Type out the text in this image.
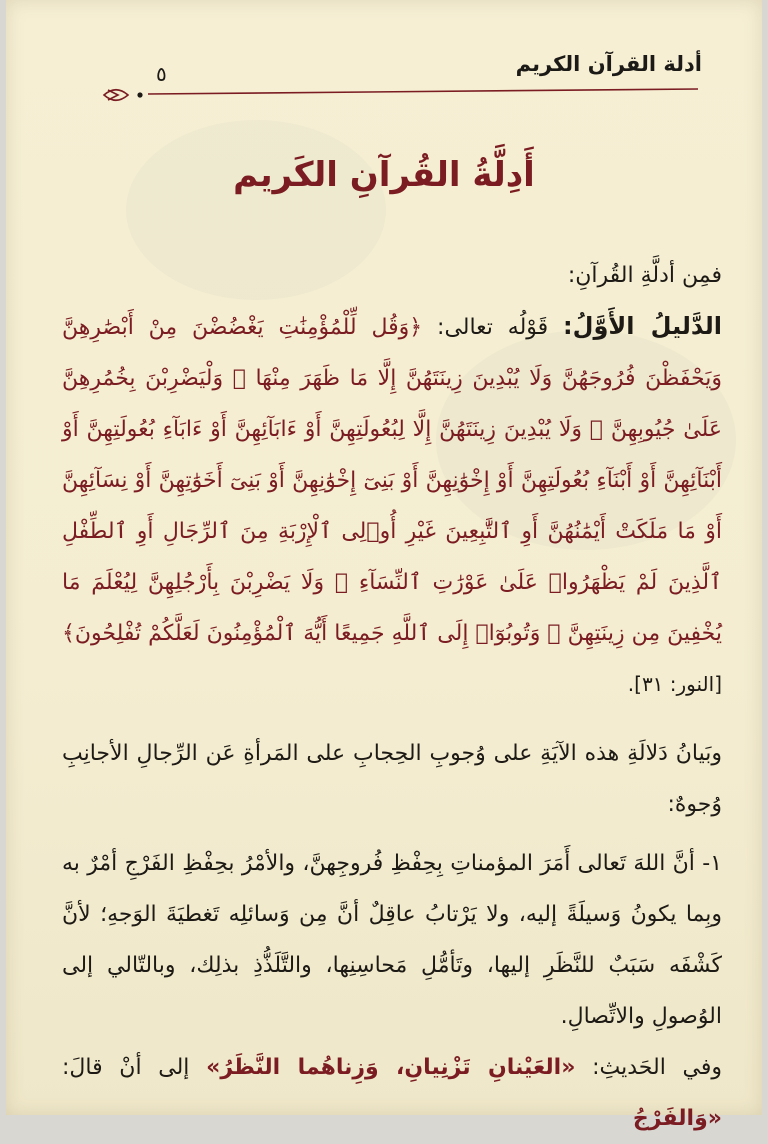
أدلة القرآن الكريم
٥
أَدِلَّةُ القُرآنِ الكَريم

فمِن أدلَّةِ القُرآنِ:

الدَّليلُ الأَوَّلُ: قَوْلُه تعالى: ﴿وَقُل لِّلْمُؤْمِنَٰتِ يَغْضُضْنَ مِنْ أَبْصَٰرِهِنَّ وَيَحْفَظْنَ فُرُوجَهُنَّ وَلَا يُبْدِينَ زِينَتَهُنَّ إِلَّا مَا ظَهَرَ مِنْهَا ۖ وَلْيَضْرِبْنَ بِخُمُرِهِنَّ عَلَىٰ جُيُوبِهِنَّ ۖ وَلَا يُبْدِينَ زِينَتَهُنَّ إِلَّا لِبُعُولَتِهِنَّ أَوْ ءَابَآئِهِنَّ أَوْ ءَابَآءِ بُعُولَتِهِنَّ أَوْ أَبْنَآئِهِنَّ أَوْ أَبْنَآءِ بُعُولَتِهِنَّ أَوْ إِخْوَٰنِهِنَّ أَوْ بَنِىٓ إِخْوَٰنِهِنَّ أَوْ بَنِىٓ أَخَوَٰتِهِنَّ أَوْ نِسَآئِهِنَّ أَوْ مَا مَلَكَتْ أَيْمَٰنُهُنَّ أَوِ ٱلتَّٰبِعِينَ غَيْرِ أُو۟لِى ٱلْإِرْبَةِ مِنَ ٱلرِّجَالِ أَوِ ٱلطِّفْلِ ٱلَّذِينَ لَمْ يَظْهَرُوا۟ عَلَىٰ عَوْرَٰتِ ٱلنِّسَآءِ ۖ وَلَا يَضْرِبْنَ بِأَرْجُلِهِنَّ لِيُعْلَمَ مَا يُخْفِينَ مِن زِينَتِهِنَّ ۚ وَتُوبُوٓا۟ إِلَى ٱللَّهِ جَمِيعًا أَيُّهَ ٱلْمُؤْمِنُونَ لَعَلَّكُمْ تُفْلِحُونَ﴾ [النور: ٣١].

وبَيانُ دَلالَةِ هذه الآيَةِ على وُجوبِ الحِجابِ على المَرأةِ عَن الرِّجالِ الأجانِبِ وُجوهٌ:

١- أنَّ اللهَ تَعالى أَمَرَ المؤمناتِ بِحِفْظِ فُروجِهنَّ، والأمْرُ بحِفْظِ الفَرْجِ أمْرٌ به وبِما يكونُ وَسيلَةً إليه، ولا يَرْتابُ عاقِلٌ أنَّ مِن وَسائلِه تَغطيَةَ الوَجهِ؛ لأنَّ كَشْفَه سَبَبٌ للنَّظَرِ إليها، وتَأمُّلِ مَحاسِنِها، والتَّلَذُّذِ بذلِك، وبالتّالي إلى الوُصولِ والاتِّصالِ.

وفي الحَديثِ: «العَيْنانِ تَزْنِيانِ، وَزِناهُما النَّظَرُ» إلى أنْ قالَ: «وَالفَرْجُ
